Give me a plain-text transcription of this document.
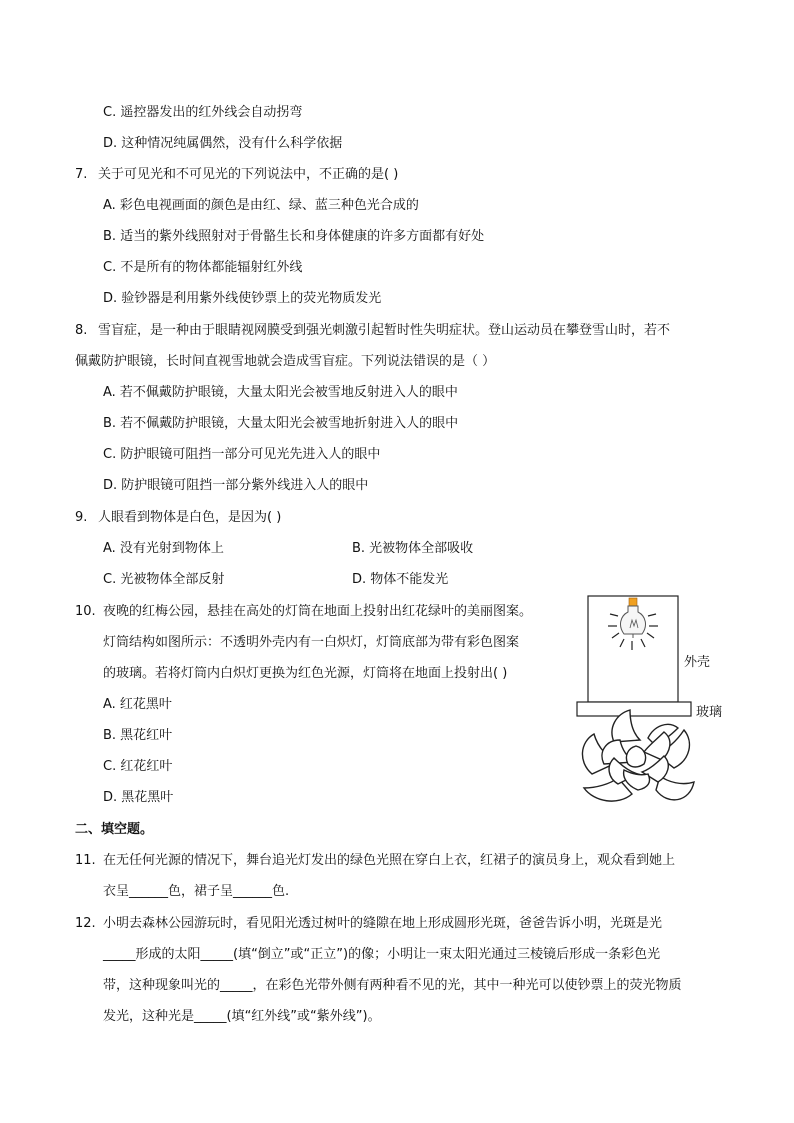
C. 遥控器发出的红外线会自动拐弯
D. 这种情况纯属偶然，没有什么科学依据
7. 关于可见光和不可见光的下列说法中，不正确的是( )
A. 彩色电视画面的颜色是由红、绿、蓝三种色光合成的
B. 适当的紫外线照射对于骨骼生长和身体健康的许多方面都有好处
C. 不是所有的物体都能辐射红外线
D. 验钞器是利用紫外线使钞票上的荧光物质发光
8. 雪盲症，是一种由于眼睛视网膜受到强光刺激引起暂时性失明症状。登山运动员在攀登雪山时，若不
佩戴防护眼镜，长时间直视雪地就会造成雪盲症。下列说法错误的是（ ）
A. 若不佩戴防护眼镜，大量太阳光会被雪地反射进入人的眼中
B. 若不佩戴防护眼镜，大量太阳光会被雪地折射进入人的眼中
C. 防护眼镜可阻挡一部分可见光先进入人的眼中
D. 防护眼镜可阻挡一部分紫外线进入人的眼中
9. 人眼看到物体是白色，是因为( )
A. 没有光射到物体上	B. 光被物体全部吸收
C. 光被物体全部反射	D. 物体不能发光
10. 夜晚的红梅公园，悬挂在高处的灯筒在地面上投射出红花绿叶的美丽图案。
灯筒结构如图所示：不透明外壳内有一白炽灯，灯筒底部为带有彩色图案
的玻璃。若将灯筒内白炽灯更换为红色光源，灯筒将在地面上投射出( )
A. 红花黑叶
B. 黑花红叶
C. 红花红叶
D. 黑花黑叶
外壳
玻璃
二、填空题。
11. 在无任何光源的情况下，舞台追光灯发出的绿色光照在穿白上衣，红裙子的演员身上，观众看到她上
衣呈______色，裙子呈______色.
12. 小明去森林公园游玩时，看见阳光透过树叶的缝隙在地上形成圆形光斑，爸爸告诉小明，光斑是光
_____形成的太阳_____(填“倒立”或“正立”)的像；小明让一束太阳光通过三棱镜后形成一条彩色光
带，这种现象叫光的_____，在彩色光带外侧有两种看不见的光，其中一种光可以使钞票上的荧光物质
发光，这种光是_____(填“红外线”或“紫外线”)。
